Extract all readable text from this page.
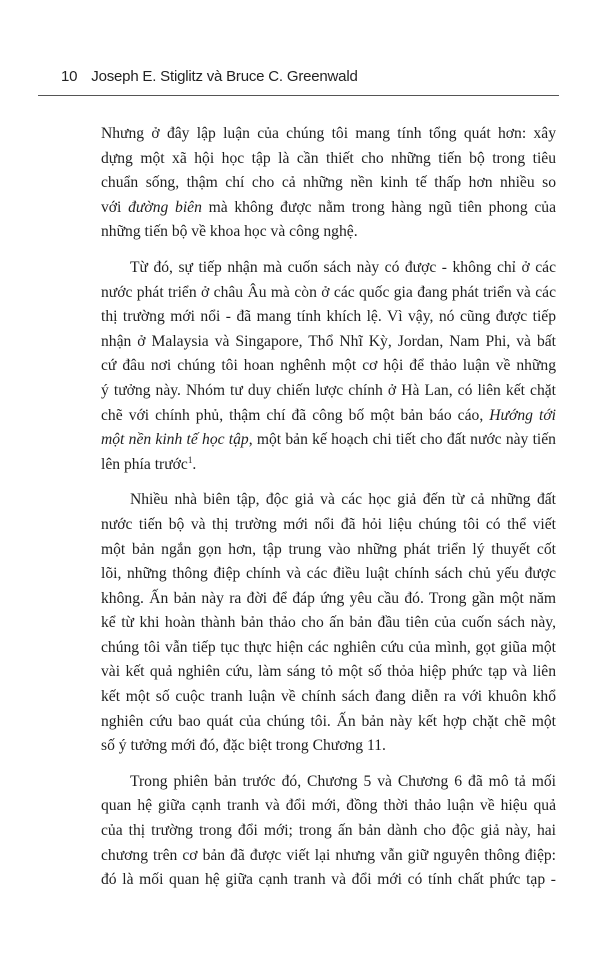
10 Joseph E. Stiglitz và Bruce C. Greenwald

Nhưng ở đây lập luận của chúng tôi mang tính tổng quát hơn: xây
dựng một xã hội học tập là cần thiết cho những tiến bộ trong tiêu
chuẩn sống, thậm chí cho cả những nền kinh tế thấp hơn nhiều so
với đường biên mà không được nằm trong hàng ngũ tiên phong của
những tiến bộ về khoa học và công nghệ.

Từ đó, sự tiếp nhận mà cuốn sách này có được - không chỉ ở các
nước phát triển ở châu Âu mà còn ở các quốc gia đang phát triển và các
thị trường mới nổi - đã mang tính khích lệ. Vì vậy, nó cũng được tiếp
nhận ở Malaysia và Singapore, Thổ Nhĩ Kỳ, Jordan, Nam Phi, và bất
cứ đâu nơi chúng tôi hoan nghênh một cơ hội để thảo luận về những
ý tưởng này. Nhóm tư duy chiến lược chính ở Hà Lan, có liên kết chặt
chẽ với chính phủ, thậm chí đã công bố một bản báo cáo, Hướng tới
một nền kinh tế học tập, một bản kế hoạch chi tiết cho đất nước này tiến
lên phía trước$^1$.

Nhiều nhà biên tập, độc giả và các học giả đến từ cả những đất
nước tiến bộ và thị trường mới nổi đã hỏi liệu chúng tôi có thể viết
một bản ngắn gọn hơn, tập trung vào những phát triển lý thuyết cốt
lõi, những thông điệp chính và các điều luật chính sách chủ yếu được
không. Ấn bản này ra đời để đáp ứng yêu cầu đó. Trong gần một năm
kể từ khi hoàn thành bản thảo cho ấn bản đầu tiên của cuốn sách này,
chúng tôi vẫn tiếp tục thực hiện các nghiên cứu của mình, gọt giũa một
vài kết quả nghiên cứu, làm sáng tỏ một số thỏa hiệp phức tạp và liên
kết một số cuộc tranh luận về chính sách đang diễn ra với khuôn khổ
nghiên cứu bao quát của chúng tôi. Ấn bản này kết hợp chặt chẽ một
số ý tưởng mới đó, đặc biệt trong Chương 11.

Trong phiên bản trước đó, Chương 5 và Chương 6 đã mô tả mối
quan hệ giữa cạnh tranh và đổi mới, đồng thời thảo luận về hiệu quả
của thị trường trong đổi mới; trong ấn bản dành cho độc giả này, hai
chương trên cơ bản đã được viết lại nhưng vẫn giữ nguyên thông điệp:
đó là mối quan hệ giữa cạnh tranh và đổi mới có tính chất phức tạp -
